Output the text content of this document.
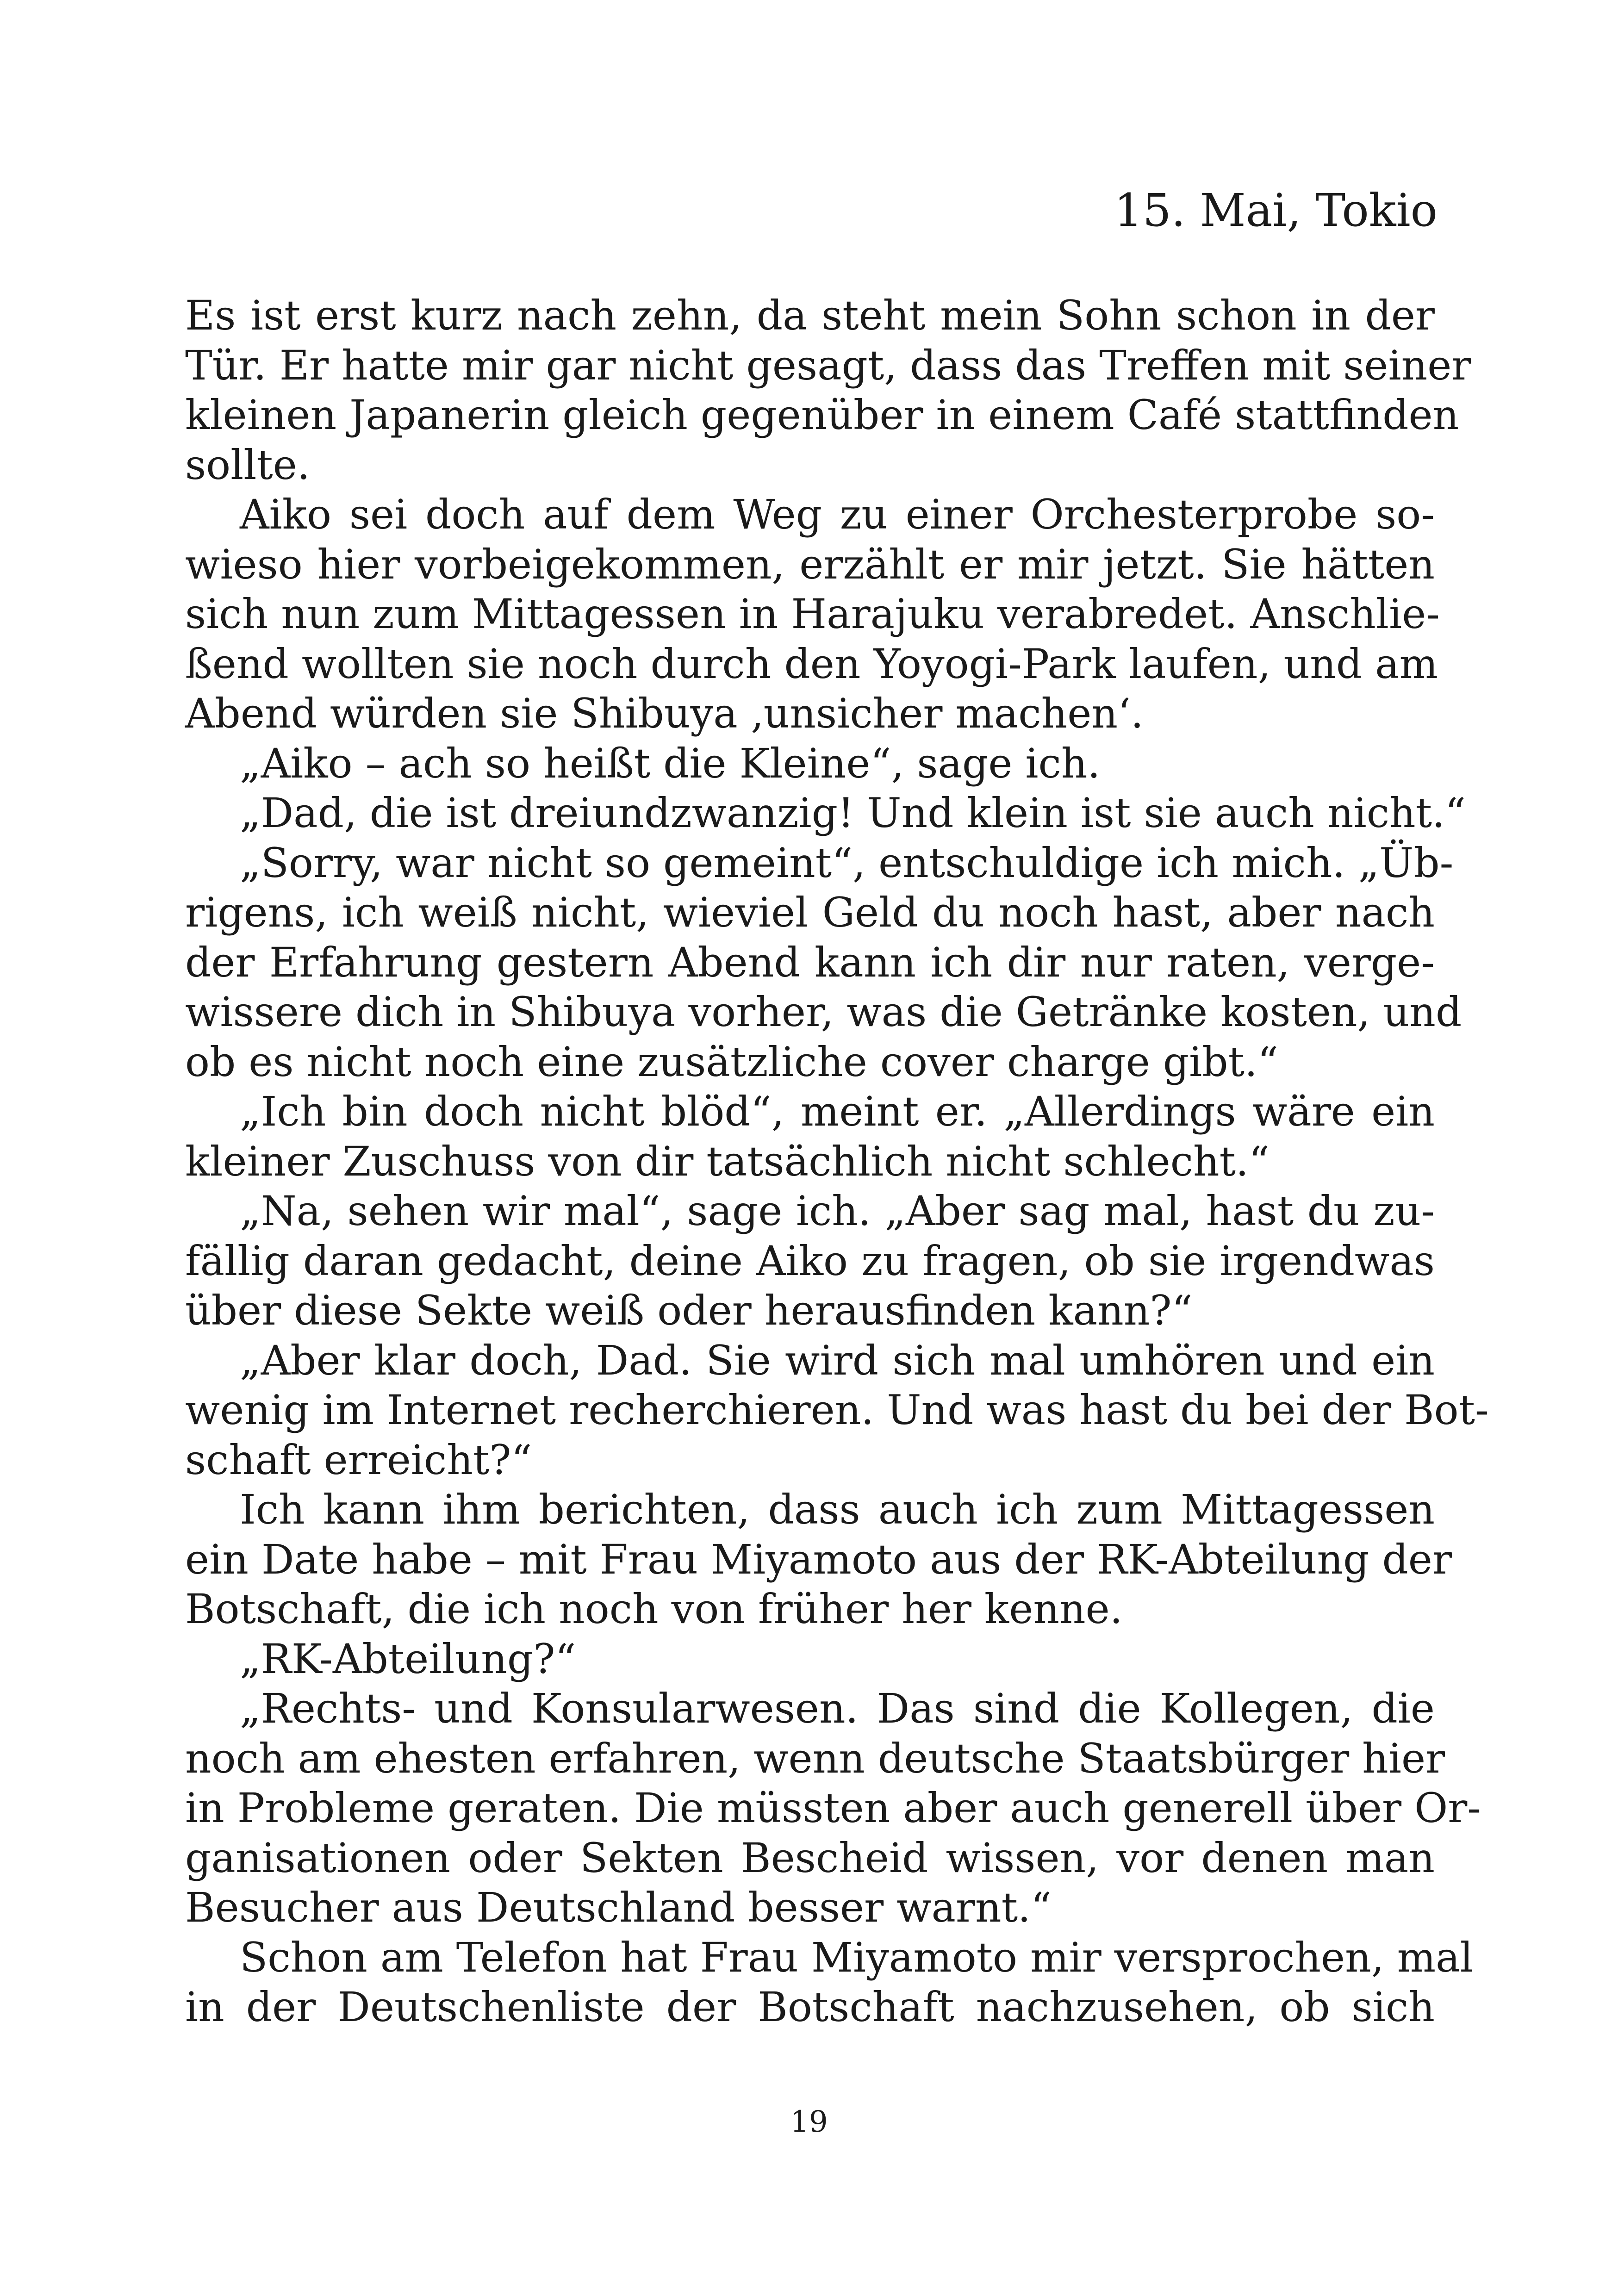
15. Mai, Tokio
Es ist erst kurz nach zehn, da steht mein Sohn schon in der
Tür. Er hatte mir gar nicht gesagt, dass das Treffen mit seiner
kleinen Japanerin gleich gegenüber in einem Café stattfinden
sollte.
Aiko sei doch auf dem Weg zu einer Orchesterprobe so-
wieso hier vorbeigekommen, erzählt er mir jetzt. Sie hätten
sich nun zum Mittagessen in Harajuku verabredet. Anschlie-
ßend wollten sie noch durch den Yoyogi-Park laufen, und am
Abend würden sie Shibuya ‚unsicher machen‘.
„Aiko – ach so heißt die Kleine“, sage ich.
„Dad, die ist dreiundzwanzig! Und klein ist sie auch nicht.“
„Sorry, war nicht so gemeint“, entschuldige ich mich. „Üb-
rigens, ich weiß nicht, wieviel Geld du noch hast, aber nach
der Erfahrung gestern Abend kann ich dir nur raten, verge-
wissere dich in Shibuya vorher, was die Getränke kosten, und
ob es nicht noch eine zusätzliche cover charge gibt.“
„Ich bin doch nicht blöd“, meint er. „Allerdings wäre ein
kleiner Zuschuss von dir tatsächlich nicht schlecht.“
„Na, sehen wir mal“, sage ich. „Aber sag mal, hast du zu-
fällig daran gedacht, deine Aiko zu fragen, ob sie irgendwas
über diese Sekte weiß oder herausfinden kann?“
„Aber klar doch, Dad. Sie wird sich mal umhören und ein
wenig im Internet recherchieren. Und was hast du bei der Bot-
schaft erreicht?“
Ich kann ihm berichten, dass auch ich zum Mittagessen
ein Date habe – mit Frau Miyamoto aus der RK-Abteilung der
Botschaft, die ich noch von früher her kenne.
„RK-Abteilung?“
„Rechts- und Konsularwesen. Das sind die Kollegen, die
noch am ehesten erfahren, wenn deutsche Staatsbürger hier
in Probleme geraten. Die müssten aber auch generell über Or-
ganisationen oder Sekten Bescheid wissen, vor denen man
Besucher aus Deutschland besser warnt.“
Schon am Telefon hat Frau Miyamoto mir versprochen, mal
in der Deutschenliste der Botschaft nachzusehen, ob sich
19
